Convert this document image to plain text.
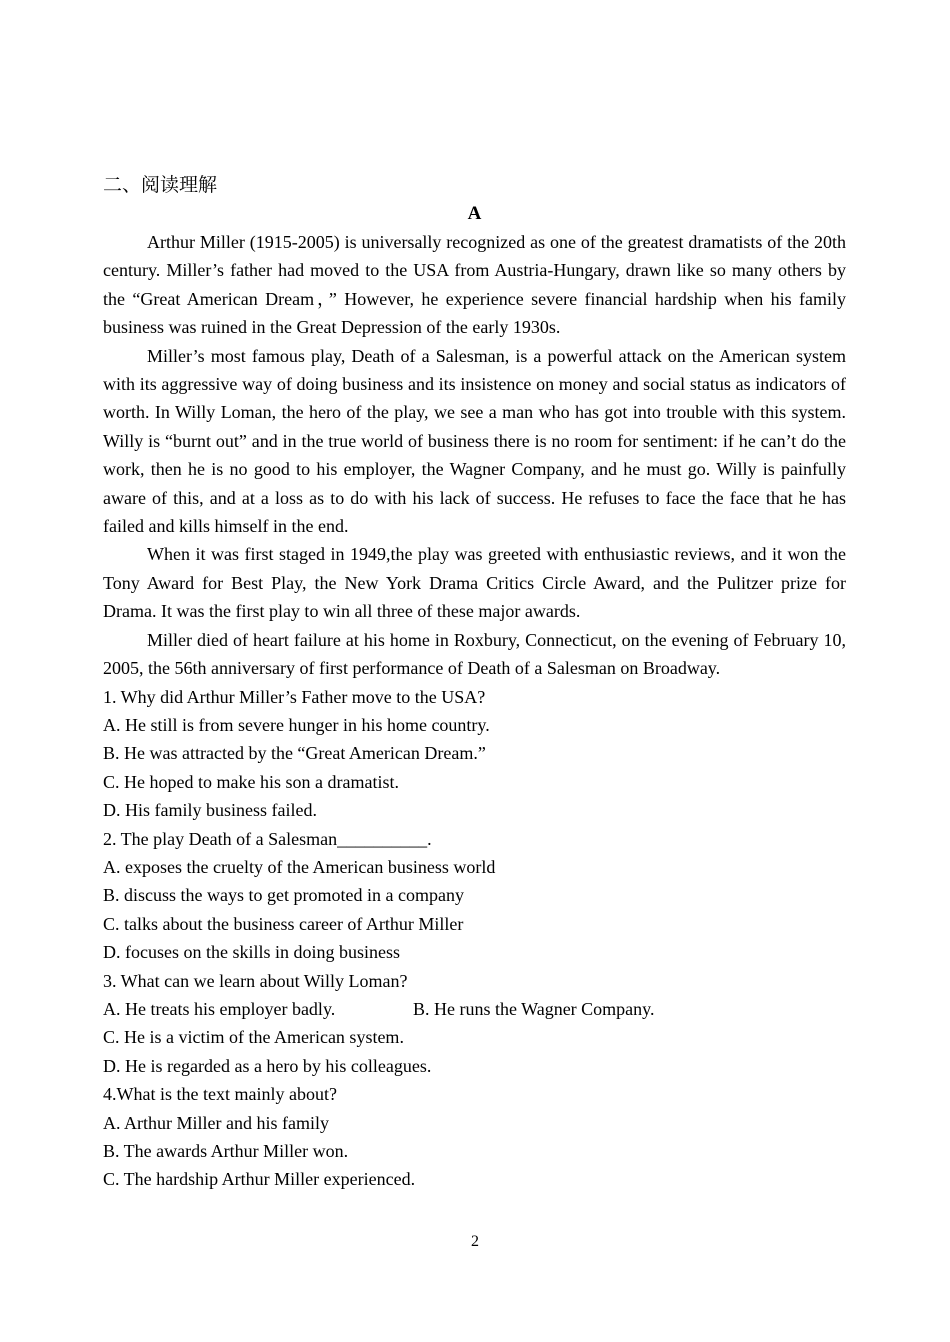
二、阅读理解
A

Arthur Miller (1915-2005) is universally recognized as one of the greatest dramatists of the 20th century. Miller’s father had moved to the USA from Austria-Hungary, drawn like so many others by the “Great American Dream，” However, he experience severe financial hardship when his family business was ruined in the Great Depression of the early 1930s.

Miller’s most famous play, Death of a Salesman, is a powerful attack on the American system with its aggressive way of doing business and its insistence on money and social status as indicators of worth. In Willy Loman, the hero of the play, we see a man who has got into trouble with this system. Willy is “burnt out” and in the true world of business there is no room for sentiment: if he can’t do the work, then he is no good to his employer, the Wagner Company, and he must go. Willy is painfully aware of this, and at a loss as to do with his lack of success. He refuses to face the face that he has failed and kills himself in the end.

When it was first staged in 1949,the play was greeted with enthusiastic reviews, and it won the Tony Award for Best Play, the New York Drama Critics Circle Award, and the Pulitzer prize for Drama. It was the first play to win all three of these major awards.

Miller died of heart failure at his home in Roxbury, Connecticut, on the evening of February 10, 2005, the 56th anniversary of first performance of Death of a Salesman on Broadway.

1. Why did Arthur Miller’s Father move to the USA?

A. He still is from severe hunger in his home country.

B. He was attracted by the “Great American Dream.”

C. He hoped to make his son a dramatist.

D. His family business failed.

2. The play Death of a Salesman__________.

A. exposes the cruelty of the American business world

B. discuss the ways to get promoted in a company

C. talks about the business career of Arthur Miller

D. focuses on the skills in doing business

3. What can we learn about Willy Loman?

A. He treats his employer badly.	B. He runs the Wagner Company.

C. He is a victim of the American system.

D. He is regarded as a hero by his colleagues.

4.What is the text mainly about?

A. Arthur Miller and his family

B. The awards Arthur Miller won.

C. The hardship Arthur Miller experienced.

2
